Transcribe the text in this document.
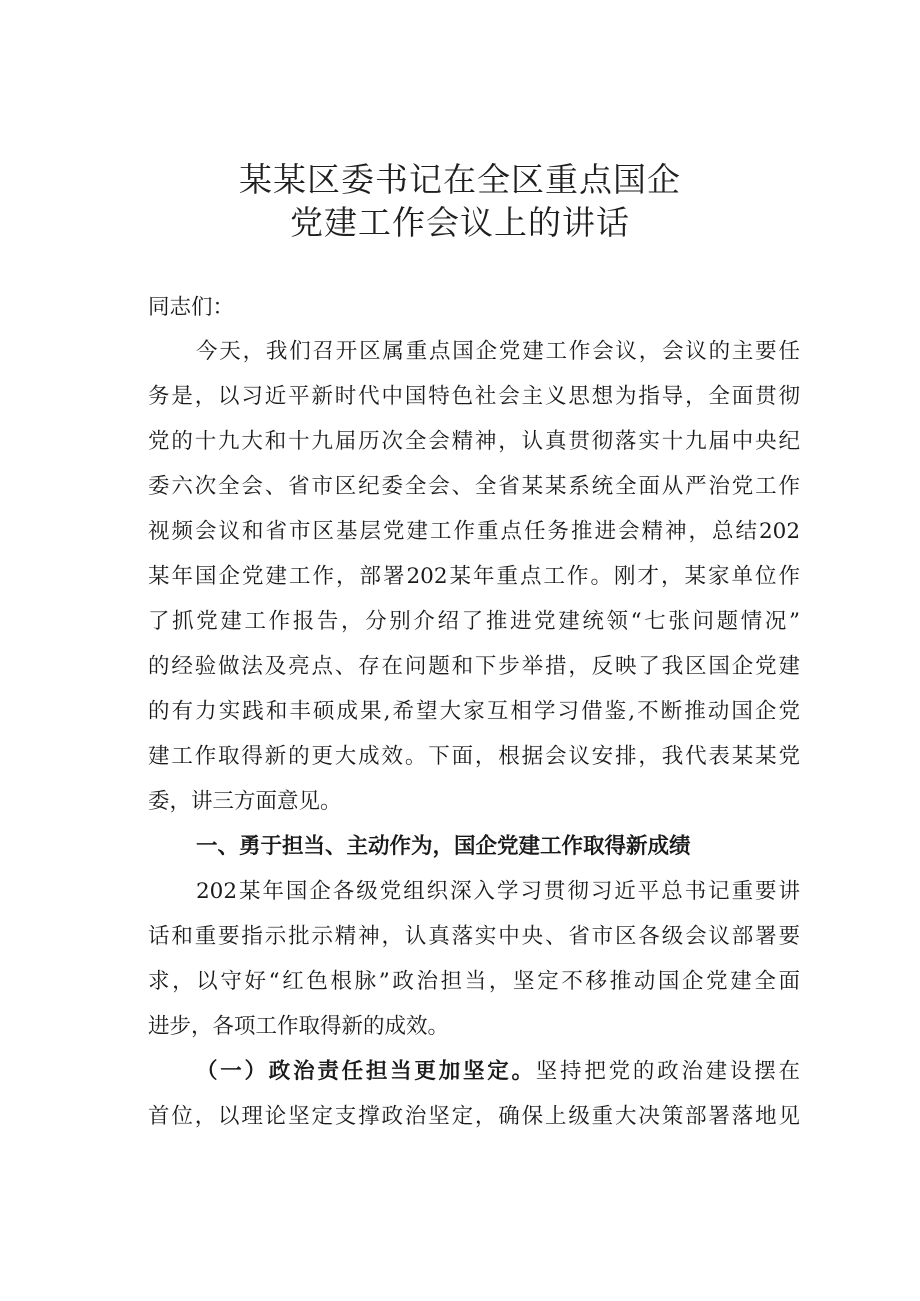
某某区委书记在全区重点国企
党建工作会议上的讲话
同志们：
今天，我们召开区属重点国企党建工作会议，会议的主要任
务是，以习近平新时代中国特色社会主义思想为指导，全面贯彻
党的十九大和十九届历次全会精神，认真贯彻落实十九届中央纪
委六次全会、省市区纪委全会、全省某某系统全面从严治党工作
视频会议和省市区基层党建工作重点任务推进会精神，总结202
某年国企党建工作，部署202某年重点工作。刚才，某家单位作
了抓党建工作报告，分别介绍了推进党建统领“七张问题情况”
的经验做法及亮点、存在问题和下步举措，反映了我区国企党建
的有力实践和丰硕成果,希望大家互相学习借鉴,不断推动国企党
建工作取得新的更大成效。下面，根据会议安排，我代表某某党
委，讲三方面意见。
一、勇于担当、主动作为，国企党建工作取得新成绩
202某年国企各级党组织深入学习贯彻习近平总书记重要讲
话和重要指示批示精神，认真落实中央、省市区各级会议部署要
求，以守好“红色根脉”政治担当，坚定不移推动国企党建全面
进步，各项工作取得新的成效。
（一）政治责任担当更加坚定。坚持把党的政治建设摆在
首位，以理论坚定支撑政治坚定，确保上级重大决策部署落地见
